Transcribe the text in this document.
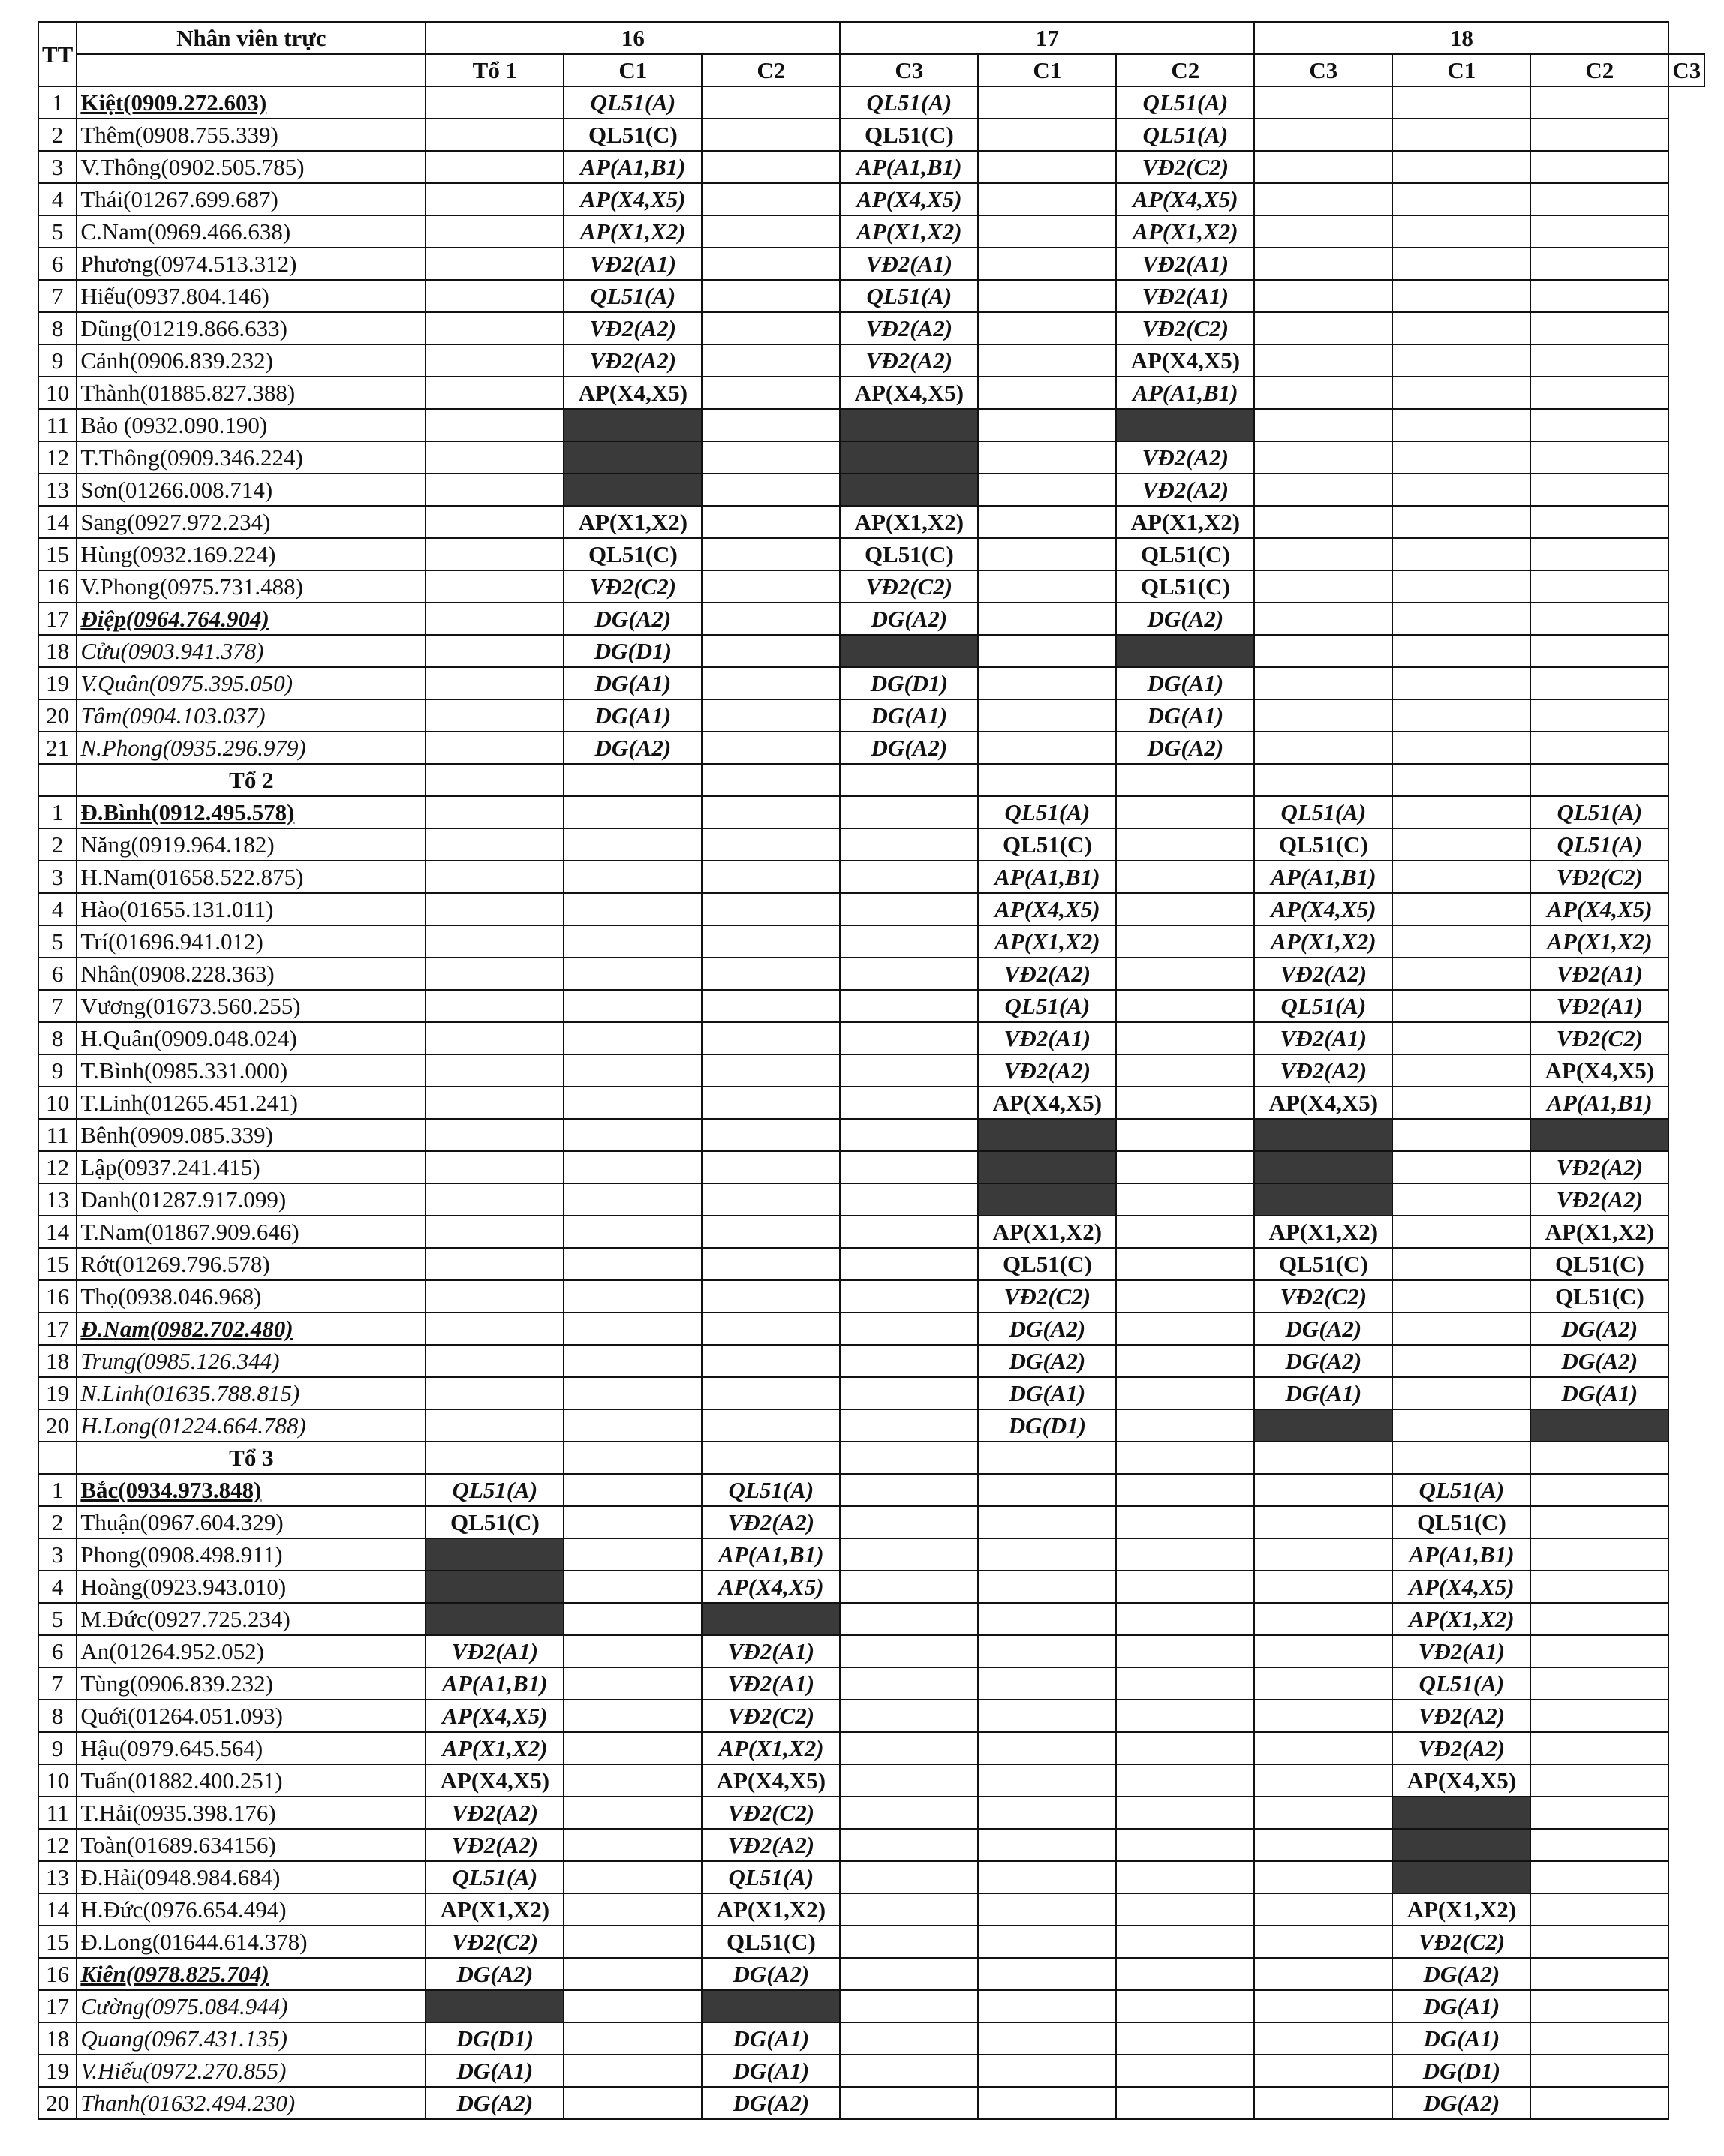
TT	Nhân viên trực	16			17			18			
		Tổ 1	C1	C2	C3	C1	C2	C3	C1	C2	C3
1	Kiệt(0909.272.603)		QL51(A)		QL51(A)		QL51(A)				
2	Thêm(0908.755.339)		QL51(C)		QL51(C)		QL51(A)				
3	V.Thông(0902.505.785)		AP(A1,B1)		AP(A1,B1)		VĐ2(C2)				
4	Thái(01267.699.687)		AP(X4,X5)		AP(X4,X5)		AP(X4,X5)				
5	C.Nam(0969.466.638)		AP(X1,X2)		AP(X1,X2)		AP(X1,X2)				
6	Phương(0974.513.312)		VĐ2(A1)		VĐ2(A1)		VĐ2(A1)				
7	Hiếu(0937.804.146)		QL51(A)		QL51(A)		VĐ2(A1)				
8	Dũng(01219.866.633)		VĐ2(A2)		VĐ2(A2)		VĐ2(C2)				
9	Cảnh(0906.839.232)		VĐ2(A2)		VĐ2(A2)		AP(X4,X5)				
10	Thành(01885.827.388)		AP(X4,X5)		AP(X4,X5)		AP(A1,B1)				
11	Bảo (0932.090.190)										
12	T.Thông(0909.346.224)						VĐ2(A2)				
13	Sơn(01266.008.714)						VĐ2(A2)				
14	Sang(0927.972.234)		AP(X1,X2)		AP(X1,X2)		AP(X1,X2)				
15	Hùng(0932.169.224)		QL51(C)		QL51(C)		QL51(C)				
16	V.Phong(0975.731.488)		VĐ2(C2)		VĐ2(C2)		QL51(C)				
17	Điệp(0964.764.904)		DG(A2)		DG(A2)		DG(A2)				
18	Cửu(0903.941.378)		DG(D1)								
19	V.Quân(0975.395.050)		DG(A1)		DG(D1)		DG(A1)				
20	Tâm(0904.103.037)		DG(A1)		DG(A1)		DG(A1)				
21	N.Phong(0935.296.979)		DG(A2)		DG(A2)		DG(A2)				
	Tổ 2										
1	Đ.Bình(0912.495.578)					QL51(A)		QL51(A)		QL51(A)	
2	Năng(0919.964.182)					QL51(C)		QL51(C)		QL51(A)	
3	H.Nam(01658.522.875)					AP(A1,B1)		AP(A1,B1)		VĐ2(C2)	
4	Hào(01655.131.011)					AP(X4,X5)		AP(X4,X5)		AP(X4,X5)	
5	Trí(01696.941.012)					AP(X1,X2)		AP(X1,X2)		AP(X1,X2)	
6	Nhân(0908.228.363)					VĐ2(A2)		VĐ2(A2)		VĐ2(A1)	
7	Vương(01673.560.255)					QL51(A)		QL51(A)		VĐ2(A1)	
8	H.Quân(0909.048.024)					VĐ2(A1)		VĐ2(A1)		VĐ2(C2)	
9	T.Bình(0985.331.000)					VĐ2(A2)		VĐ2(A2)		AP(X4,X5)	
10	T.Linh(01265.451.241)					AP(X4,X5)		AP(X4,X5)		AP(A1,B1)	
11	Bênh(0909.085.339)										
12	Lập(0937.241.415)									VĐ2(A2)	
13	Danh(01287.917.099)									VĐ2(A2)	
14	T.Nam(01867.909.646)					AP(X1,X2)		AP(X1,X2)		AP(X1,X2)	
15	Rớt(01269.796.578)					QL51(C)		QL51(C)		QL51(C)	
16	Thọ(0938.046.968)					VĐ2(C2)		VĐ2(C2)		QL51(C)	
17	Đ.Nam(0982.702.480)					DG(A2)		DG(A2)		DG(A2)	
18	Trung(0985.126.344)					DG(A2)		DG(A2)		DG(A2)	
19	N.Linh(01635.788.815)					DG(A1)		DG(A1)		DG(A1)	
20	H.Long(01224.664.788)					DG(D1)					
	Tổ 3										
1	Bắc(0934.973.848)	QL51(A)		QL51(A)					QL51(A)		
2	Thuận(0967.604.329)	QL51(C)		VĐ2(A2)					QL51(C)		
3	Phong(0908.498.911)			AP(A1,B1)					AP(A1,B1)		
4	Hoàng(0923.943.010)			AP(X4,X5)					AP(X4,X5)		
5	M.Đức(0927.725.234)								AP(X1,X2)		
6	An(01264.952.052)	VĐ2(A1)		VĐ2(A1)					VĐ2(A1)		
7	Tùng(0906.839.232)	AP(A1,B1)		VĐ2(A1)					QL51(A)		
8	Quới(01264.051.093)	AP(X4,X5)		VĐ2(C2)					VĐ2(A2)		
9	Hậu(0979.645.564)	AP(X1,X2)		AP(X1,X2)					VĐ2(A2)		
10	Tuấn(01882.400.251)	AP(X4,X5)		AP(X4,X5)					AP(X4,X5)		
11	T.Hải(0935.398.176)	VĐ2(A2)		VĐ2(C2)							
12	Toàn(01689.634156)	VĐ2(A2)		VĐ2(A2)							
13	Đ.Hải(0948.984.684)	QL51(A)		QL51(A)							
14	H.Đức(0976.654.494)	AP(X1,X2)		AP(X1,X2)					AP(X1,X2)		
15	Đ.Long(01644.614.378)	VĐ2(C2)		QL51(C)					VĐ2(C2)		
16	Kiên(0978.825.704)	DG(A2)		DG(A2)					DG(A2)		
17	Cường(0975.084.944)								DG(A1)		
18	Quang(0967.431.135)	DG(D1)		DG(A1)					DG(A1)		
19	V.Hiếu(0972.270.855)	DG(A1)		DG(A1)					DG(D1)		
20	Thanh(01632.494.230)	DG(A2)		DG(A2)					DG(A2)		
